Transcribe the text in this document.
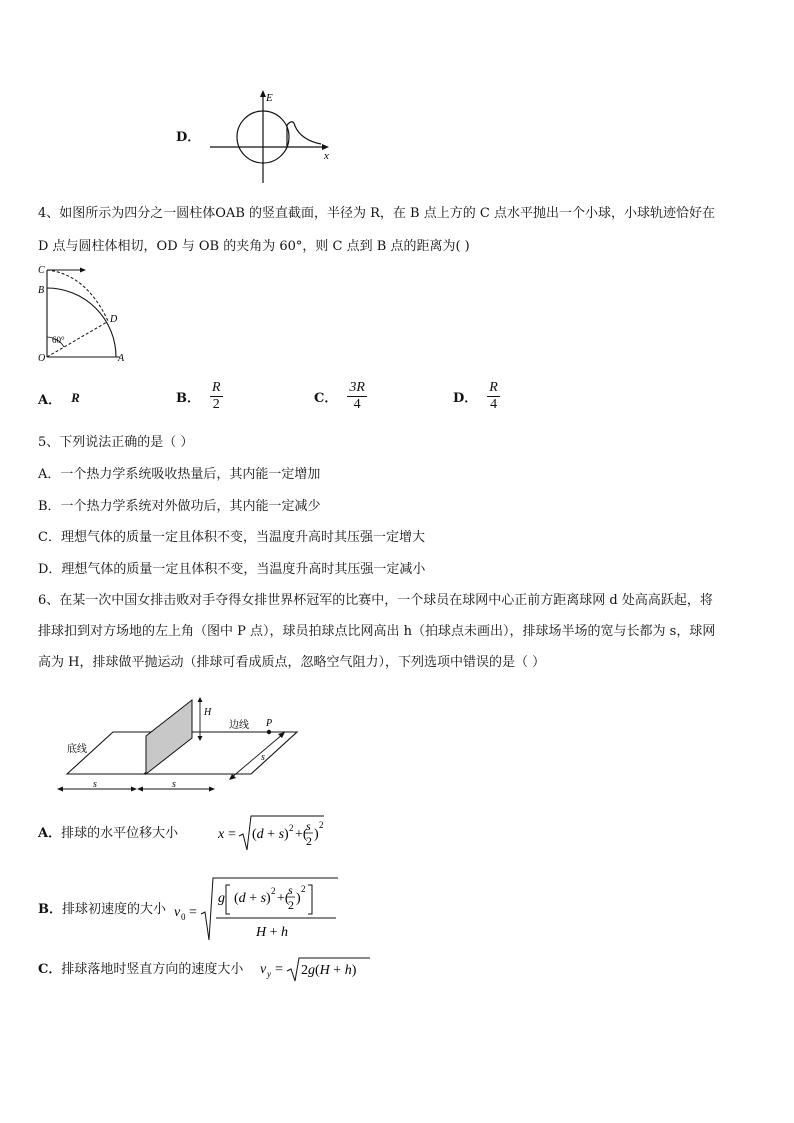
D．
E
x
4、如图所示为四分之一圆柱体OAB 的竖直截面，半径为 R，在 B 点上方的 C 点水平抛出一个小球，小球轨迹恰好在
D 点与圆柱体相切，OD 与 OB 的夹角为 60°，则 C 点到 B 点的距离为( )
C
B
D
O	A
60°
A． R	B． $\frac{R}{2}$	C． $\frac{3R}{4}$	D． $\frac{R}{4}$
5、下列说法正确的是（ ）
A．一个热力学系统吸收热量后，其内能一定增加
B．一个热力学系统对外做功后，其内能一定减少
C．理想气体的质量一定且体积不变，当温度升高时其压强一定增大
D．理想气体的质量一定且体积不变，当温度升高时其压强一定减小
6、在某一次中国女排击败对手夺得女排世界杯冠军的比赛中，一个球员在球网中心正前方距离球网 d 处高高跃起，将
排球扣到对方场地的左上角（图中 P 点），球员拍球点比网高出 h（拍球点未画出），排球场半场的宽与长都为 s，球网
高为 H，排球做平抛运动（排球可看成质点，忽略空气阻力），下列选项中错误的是（ ）
H
边线 P
底线
s	s
s
A．排球的水平位移大小	x = (d + s) 2 +(
s
2 )
2
B．排球初速度的大小 v 0 =
g (d + s) 2 +(
s
2 )
2
H + h
C．排球落地时竖直方向的速度大小 v y = 2g(H + h)
